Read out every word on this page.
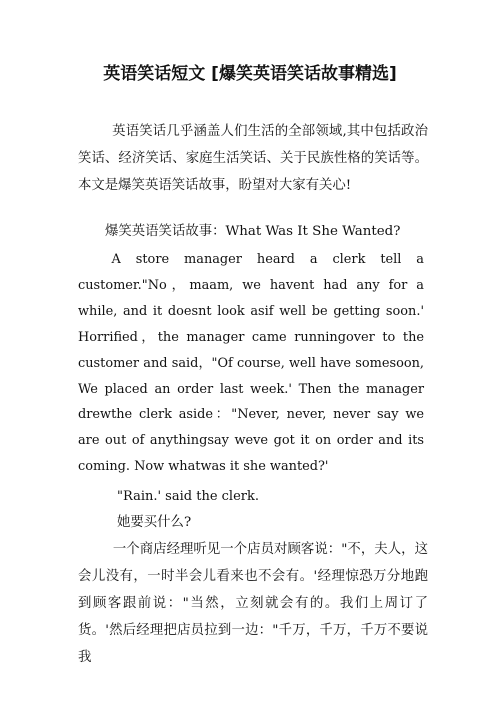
英语笑话短文 [爆笑英语笑话故事精选]

英语笑话几乎涵盖人们生活的全部领域,其中包括政治笑话、经济笑话、家庭生活笑话、关于民族性格的笑话等。本文是爆笑英语笑话故事，盼望对大家有关心!

爆笑英语笑话故事：What Was It She Wanted?

A store manager heard a clerk tell a customer."No，maam, we havent had any for a while, and it doesnt look asif well be getting soon.' Horrified，the manager came runningover to the customer and said，"Of course, well have somesoon, We placed an order last week.' Then the manager drewthe clerk aside："Never, never, never say we are out of anythingsay weve got it on order and its coming. Now whatwas it she wanted?'

"Rain.' said the clerk.

她要买什么?

一个商店经理听见一个店员对顾客说："不，夫人，这会儿没有，一时半会儿看来也不会有。'经理惊恐万分地跑到顾客跟前说："当然，立刻就会有的。我们上周订了货。'然后经理把店员拉到一边："千万，千万，千万不要说我
